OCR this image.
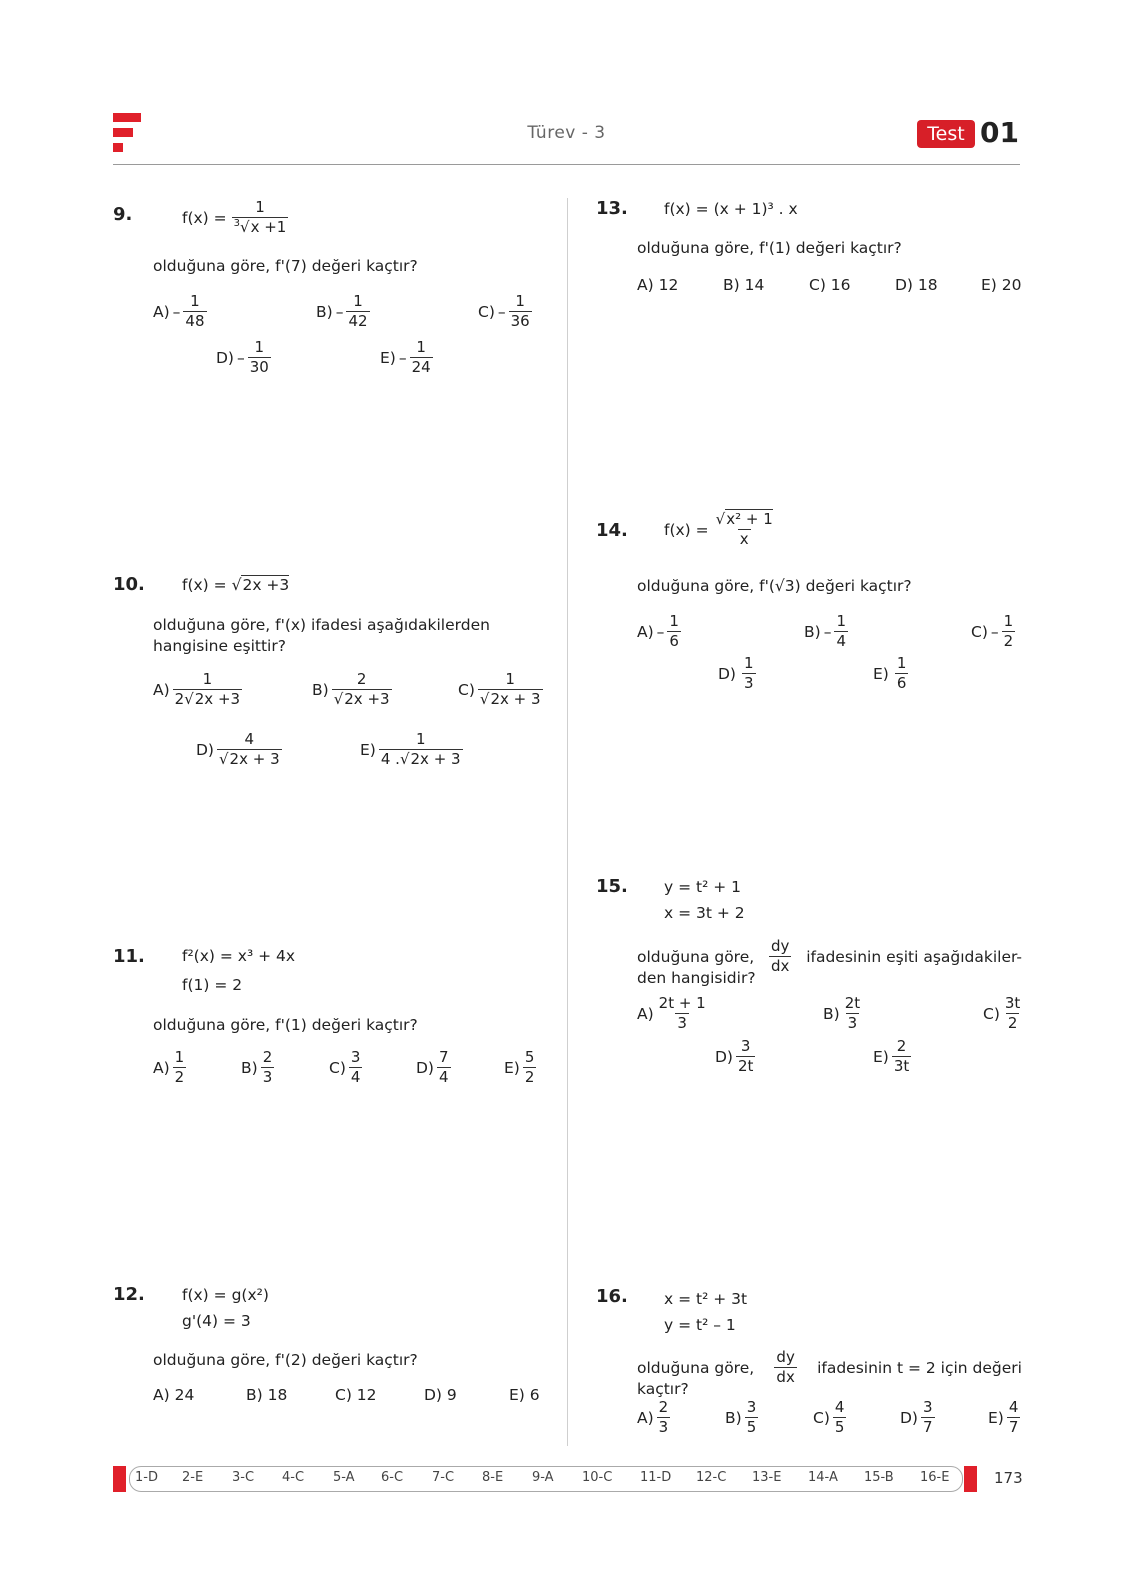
Türev - 3	Test 01
9.	$f(x) = \frac{1}{^3√x +1}$
olduğuna göre, f'(7) değeri kaçtır?
$A) - \frac{1}{48}$	$B) - \frac{1}{42}$	$C) - \frac{1}{36}$
$D) - \frac{1}{30}$	$E) - \frac{1}{24}$
10. f(x) = √2x +3
olduğuna göre, f'(x) ifadesi aşağıdakilerden hangisine eşittir?
$A) \frac{1}{2√2x +3}$	$B) \frac{2}{√2x +3}$	$C) \frac{1}{√2x + 3}$
$D) \frac{4}{√2x + 3}$	$E) \frac{1}{4 .√2x + 3}$
11. f²(x) = x³ + 4x
f(1) = 2
olduğuna göre, f'(1) değeri kaçtır?
$A) \frac{1}{2}$	$B) \frac{2}{3}$	$C) \frac{3}{4}$	$D) \frac{7}{4}$	$E) \frac{5}{2}$
12. f(x) = g(x²)
g'(4) = 3
olduğuna göre, f'(2) değeri kaçtır?
A) 24	B) 18	C) 12	D) 9	E) 6
13. f(x) = (x + 1)³ . x
olduğuna göre, f'(1) değeri kaçtır?
A) 12	B) 14	C) 16	D) 18	E) 20
14. $f(x) = \frac{\text{√x² + 1}}{x}$
olduğuna göre, f'(√3) değeri kaçtır?
$A) - \frac{1}{6}$	$B) - \frac{1}{4}$	$C) - \frac{1}{2}$
$D) \frac{1}{3}$	$E) \frac{1}{6}$
15. y = t² + 1
x = 3t + 2
olduğuna göre, $\frac{dy}{dx}$ ifadesinin eşiti aşağıdakiler-
den hangisidir?
$A) \frac{2t + 1}{3}$	$B) \frac{2t}{3}$	$C) \frac{3t}{2}$
$D) \frac{3}{2t}$	$E) \frac{2}{3t}$
16. x = t² + 3t
y = t² – 1
olduğuna göre, $\frac{dy}{dx}$ ifadesinin t = 2 için değeri
kaçtır?
$A) \frac{2}{3}$	$B) \frac{3}{5}$	$C) \frac{4}{5}$	$D) \frac{3}{7}$	$E) \frac{4}{7}$
1-D 2-E 3-C 4-C 5-A 6-C 7-C 8-E 9-A 10-C 11-D 12-C 13-E 14-A 15-B 16-E	173
